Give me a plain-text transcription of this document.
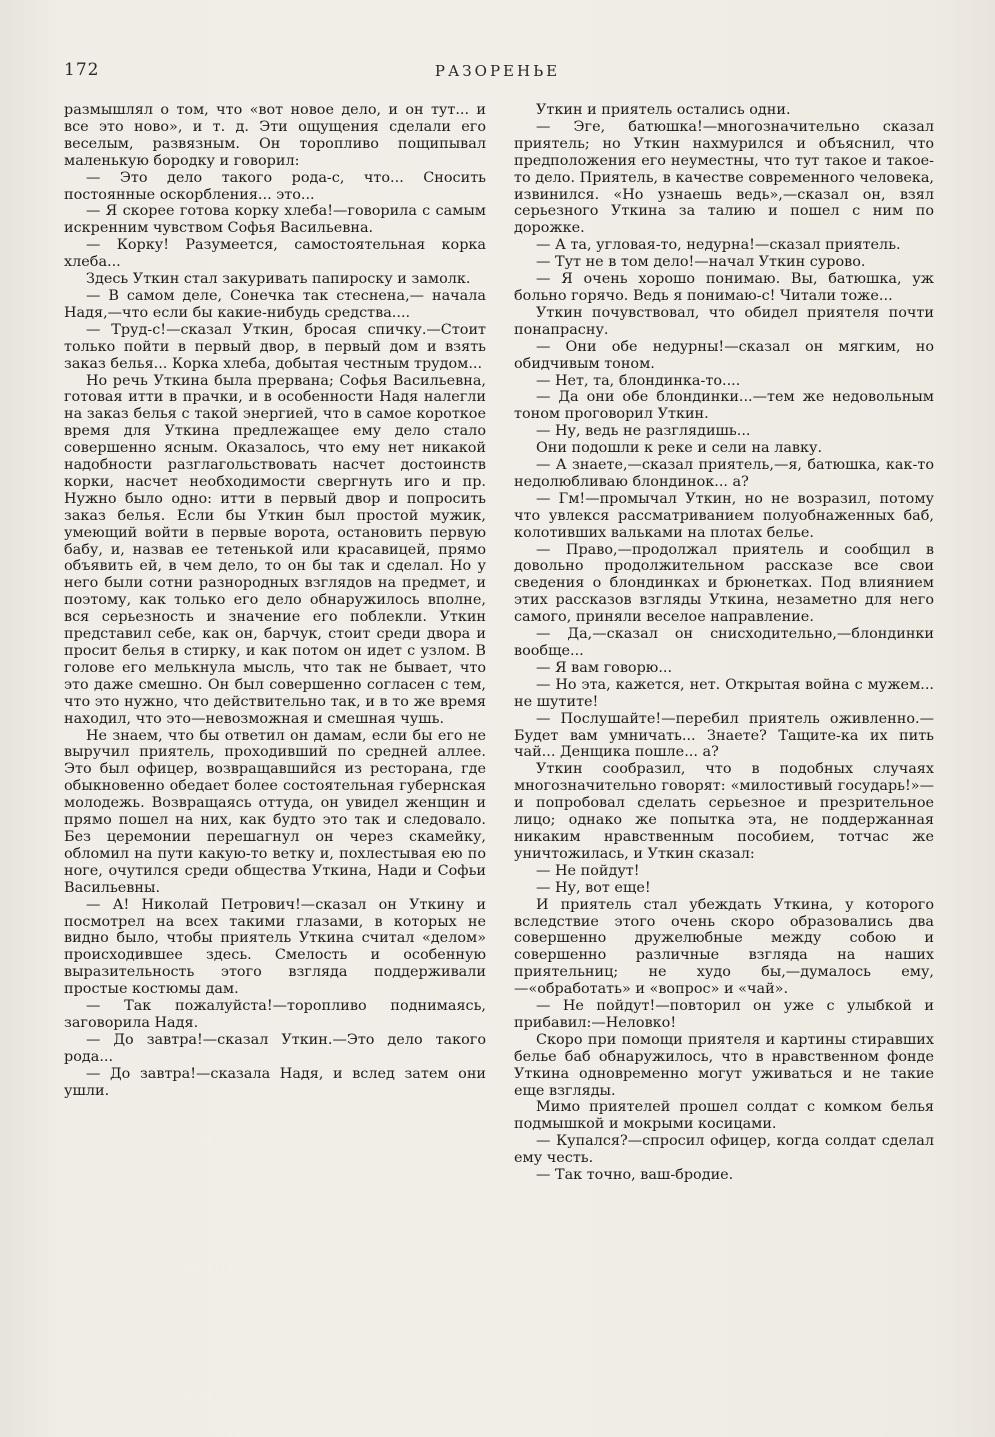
172	РАЗОРЕНЬЕ

размышлял о том, что «вот новое дело, и он тут... и все это ново», и т. д. Эти ощущения сделали его веселым, развязным. Он торопливо пощипывал маленькую бородку и говорил:

— Это дело такого рода-с, что... Сносить постоянные оскорбления... это...

— Я скорее готова корку хлеба!—говорила с самым искренним чувством Софья Васильевна.

— Корку! Разумеется, самостоятельная корка хлеба...

Здесь Уткин стал закуривать папироску и замолк.

— В самом деле, Сонечка так стеснена,— начала Надя,—что если бы какие-нибудь средства....

— Труд-с!—сказал Уткин, бросая спичку.—Стоит только пойти в первый двор, в первый дом и взять заказ белья... Корка хлеба, добытая честным трудом...

Но речь Уткина была прервана; Софья Васильевна, готовая итти в прачки, и в особенности Надя налегли на заказ белья с такой энергией, что в самое короткое время для Уткина предлежащее ему дело стало совершенно ясным. Оказалось, что ему нет никакой надобности разглагольствовать насчет достоинств корки, насчет необходимости свергнуть иго и пр. Нужно было одно: итти в первый двор и попросить заказ белья. Если бы Уткин был простой мужик, умеющий войти в первые ворота, остановить первую бабу, и, назвав ее тетенькой или красавицей, прямо объявить ей, в чем дело, то он бы так и сделал. Но у него были сотни разнородных взглядов на предмет, и поэтому, как только его дело обнаружилось вполне, вся серьезность и значение его поблекли. Уткин представил себе, как он, барчук, стоит среди двора и просит белья в стирку, и как потом он идет с узлом. В голове его мелькнула мысль, что так не бывает, что это даже смешно. Он был совершенно согласен с тем, что это нужно, что действительно так, и в то же время находил, что это—невозможная и смешная чушь.

Не знаем, что бы ответил он дамам, если бы его не выручил приятель, проходивший по средней аллее. Это был офицер, возвращавшийся из ресторана, где обыкновенно обедает более состоятельная губернская молодежь. Возвращаясь оттуда, он увидел женщин и прямо пошел на них, как будто это так и следовало. Без церемонии перешагнул он через скамейку, обломил на пути какую-то ветку и, похлестывая ею по ноге, очутился среди общества Уткина, Нади и Софьи Васильевны.

— А! Николай Петрович!—сказал он Уткину и посмотрел на всех такими глазами, в которых не видно было, чтобы приятель Уткина считал «делом» происходившее здесь. Смелость и особенную выразительность этого взгляда поддерживали простые костюмы дам.

— Так пожалуйста!—торопливо поднимаясь, заговорила Надя.

— До завтра!—сказал Уткин.—Это дело такого рода...

— До завтра!—сказала Надя, и вслед затем они ушли.

Уткин и приятель остались одни.

— Эге, батюшка!—многозначительно сказал приятель; но Уткин нахмурился и объяснил, что предположения его неуместны, что тут такое и такое-то дело. Приятель, в качестве современного человека, извинился. «Но узнаешь ведь»,—сказал он, взял серьезного Уткина за талию и пошел с ним по дорожке.

— А та, угловая-то, недурна!—сказал приятель.

— Тут не в том дело!—начал Уткин сурово.

— Я очень хорошо понимаю. Вы, батюшка, уж больно горячо. Ведь я понимаю-с! Читали тоже...

Уткин почувствовал, что обидел приятеля почти понапрасну.

— Они обе недурны!—сказал он мягким, но обидчивым тоном.

— Нет, та, блондинка-то....

— Да они обе блондинки...—тем же недовольным тоном проговорил Уткин.

— Ну, ведь не разглядишь...

Они подошли к реке и сели на лавку.

— А знаете,—сказал приятель,—я, батюшка, как-то недолюбливаю блондинок... а?

— Гм!—промычал Уткин, но не возразил, потому что увлекся рассматриванием полуобнаженных баб, колотивших вальками на плотах белье.

— Право,—продолжал приятель и сообщил в довольно продолжительном рассказе все свои сведения о блондинках и брюнетках. Под влиянием этих рассказов взгляды Уткина, незаметно для него самого, приняли веселое направление.

— Да,—сказал он снисходительно,—блондинки вообще...

— Я вам говорю...

— Но эта, кажется, нет. Открытая война с мужем... не шутите!

— Послушайте!—перебил приятель оживленно.—Будет вам умничать... Знаете? Тащите-ка их пить чай... Денщика пошле... а?

Уткин сообразил, что в подобных случаях многозначительно говорят: «милостивый государь!»—и попробовал сделать серьезное и презрительное лицо; однако же попытка эта, не поддержанная никаким нравственным пособием, тотчас же уничтожилась, и Уткин сказал:

— Не пойдут!

— Ну, вот еще!

И приятель стал убеждать Уткина, у которого вследствие этого очень скоро образовались два совершенно дружелюбные между собою и совершенно различные взгляда на наших приятельниц; не худо бы,—думалось ему,—«обработать» и «вопрос» и «чай».

— Не пойдут!—повторил он уже с улыбкой и прибавил:—Неловко!

Скоро при помощи приятеля и картины стиравших белье баб обнаружилось, что в нравственном фонде Уткина одновременно могут уживаться и не такие еще взгляды.

Мимо приятелей прошел солдат с комком белья подмышкой и мокрыми косицами.

— Купался?—спросил офицер, когда солдат сделал ему честь.

— Так точно, ваш-бродие.
